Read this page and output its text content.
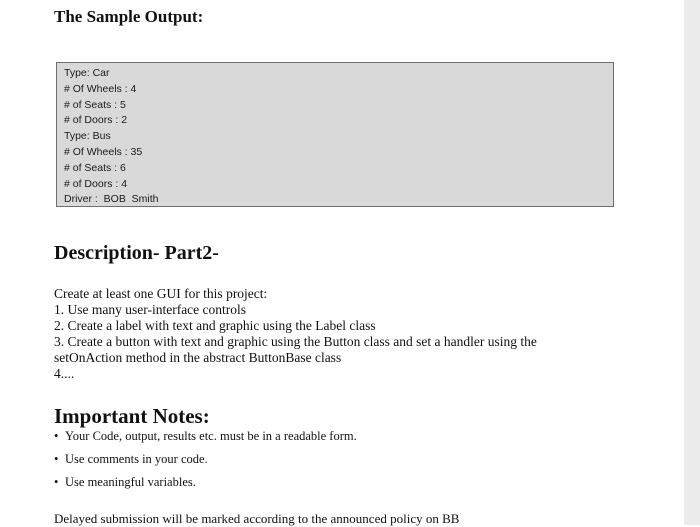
The Sample Output:
Type: Car
# Of Wheels : 4
# of Seats : 5
# of Doors : 2
Type: Bus
# Of Wheels : 35
# of Seats : 6
# of Doors : 4
Driver :  BOB  Smith
Description- Part2-
Create at least one GUI for this project:
1. Use many user-interface controls
2. Create a label with text and graphic using the Label class
3. Create a button with text and graphic using the Button class and set a handler using the
setOnAction method in the abstract ButtonBase class
4....
Important Notes:
• Your Code, output, results etc. must be in a readable form.
• Use comments in your code.
• Use meaningful variables.

Delayed submission will be marked according to the announced policy on BB
